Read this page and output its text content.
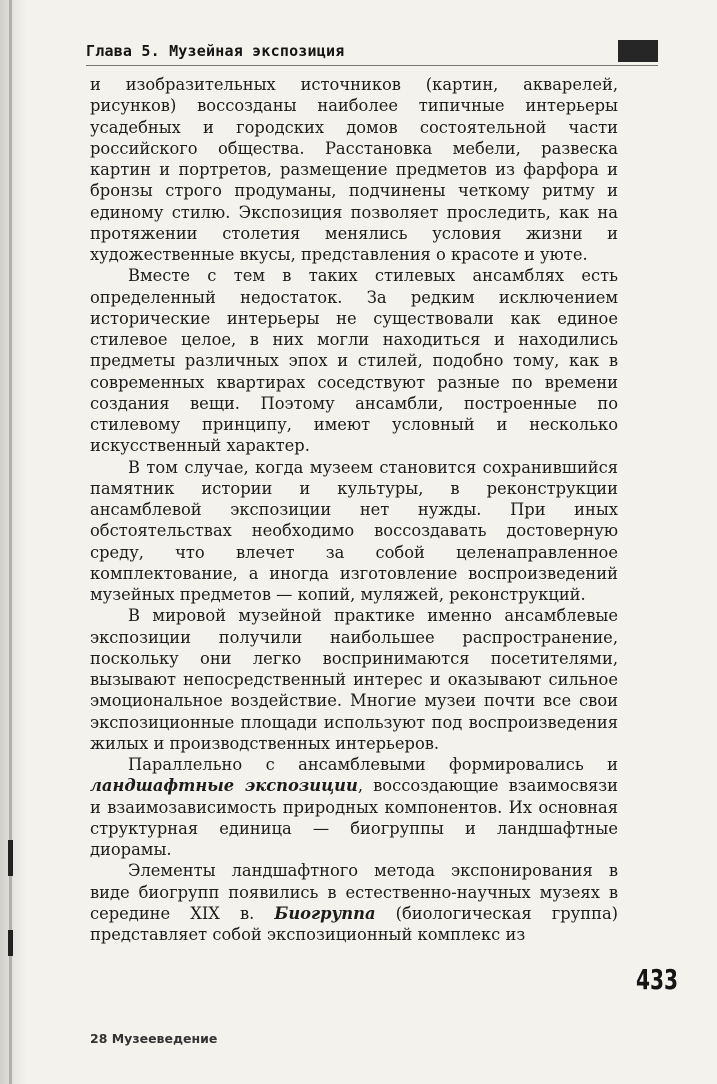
Глава 5. Музейная экспозиция

и изобразительных источников (картин, акварелей, рисунков) воссозданы наиболее типичные интерьеры усадебных и городских домов состоятельной части российского общества. Расстановка мебели, развеска картин и портретов, размещение предметов из фарфора и бронзы строго продуманы, подчинены четкому ритму и единому стилю. Экспозиция позволяет проследить, как на протяжении столетия менялись условия жизни и художественные вкусы, представления о красоте и уюте.

Вместе с тем в таких стилевых ансамблях есть определенный недостаток. За редким исключением исторические интерьеры не существовали как единое стилевое целое, в них могли находиться и находились предметы различных эпох и стилей, подобно тому, как в современных квартирах соседствуют разные по времени создания вещи. Поэтому ансамбли, построенные по стилевому принципу, имеют условный и несколько искусственный характер.

В том случае, когда музеем становится сохранившийся памятник истории и культуры, в реконструкции ансамблевой экспозиции нет нужды. При иных обстоятельствах необходимо воссоздавать достоверную среду, что влечет за собой целенаправленное комплектование, а иногда изготовление воспроизведений музейных предметов — копий, муляжей, реконструкций.

В мировой музейной практике именно ансамблевые экспозиции получили наибольшее распространение, поскольку они легко воспринимаются посетителями, вызывают непосредственный интерес и оказывают сильное эмоциональное воздействие. Многие музеи почти все свои экспозиционные площади используют под воспроизведения жилых и производственных интерьеров.

Параллельно с ансамблевыми формировались и ландшафтные экспозиции, воссоздающие взаимосвязи и взаимозависимость природных компонентов. Их основная структурная единица — биогруппы и ландшафтные диорамы.

Элементы ландшафтного метода экспонирования в виде биогрупп появились в естественно-научных музеях в середине XIX в. Биогруппа (биологическая группа) представляет собой экспозиционный комплекс из

433
28 Музееведение
